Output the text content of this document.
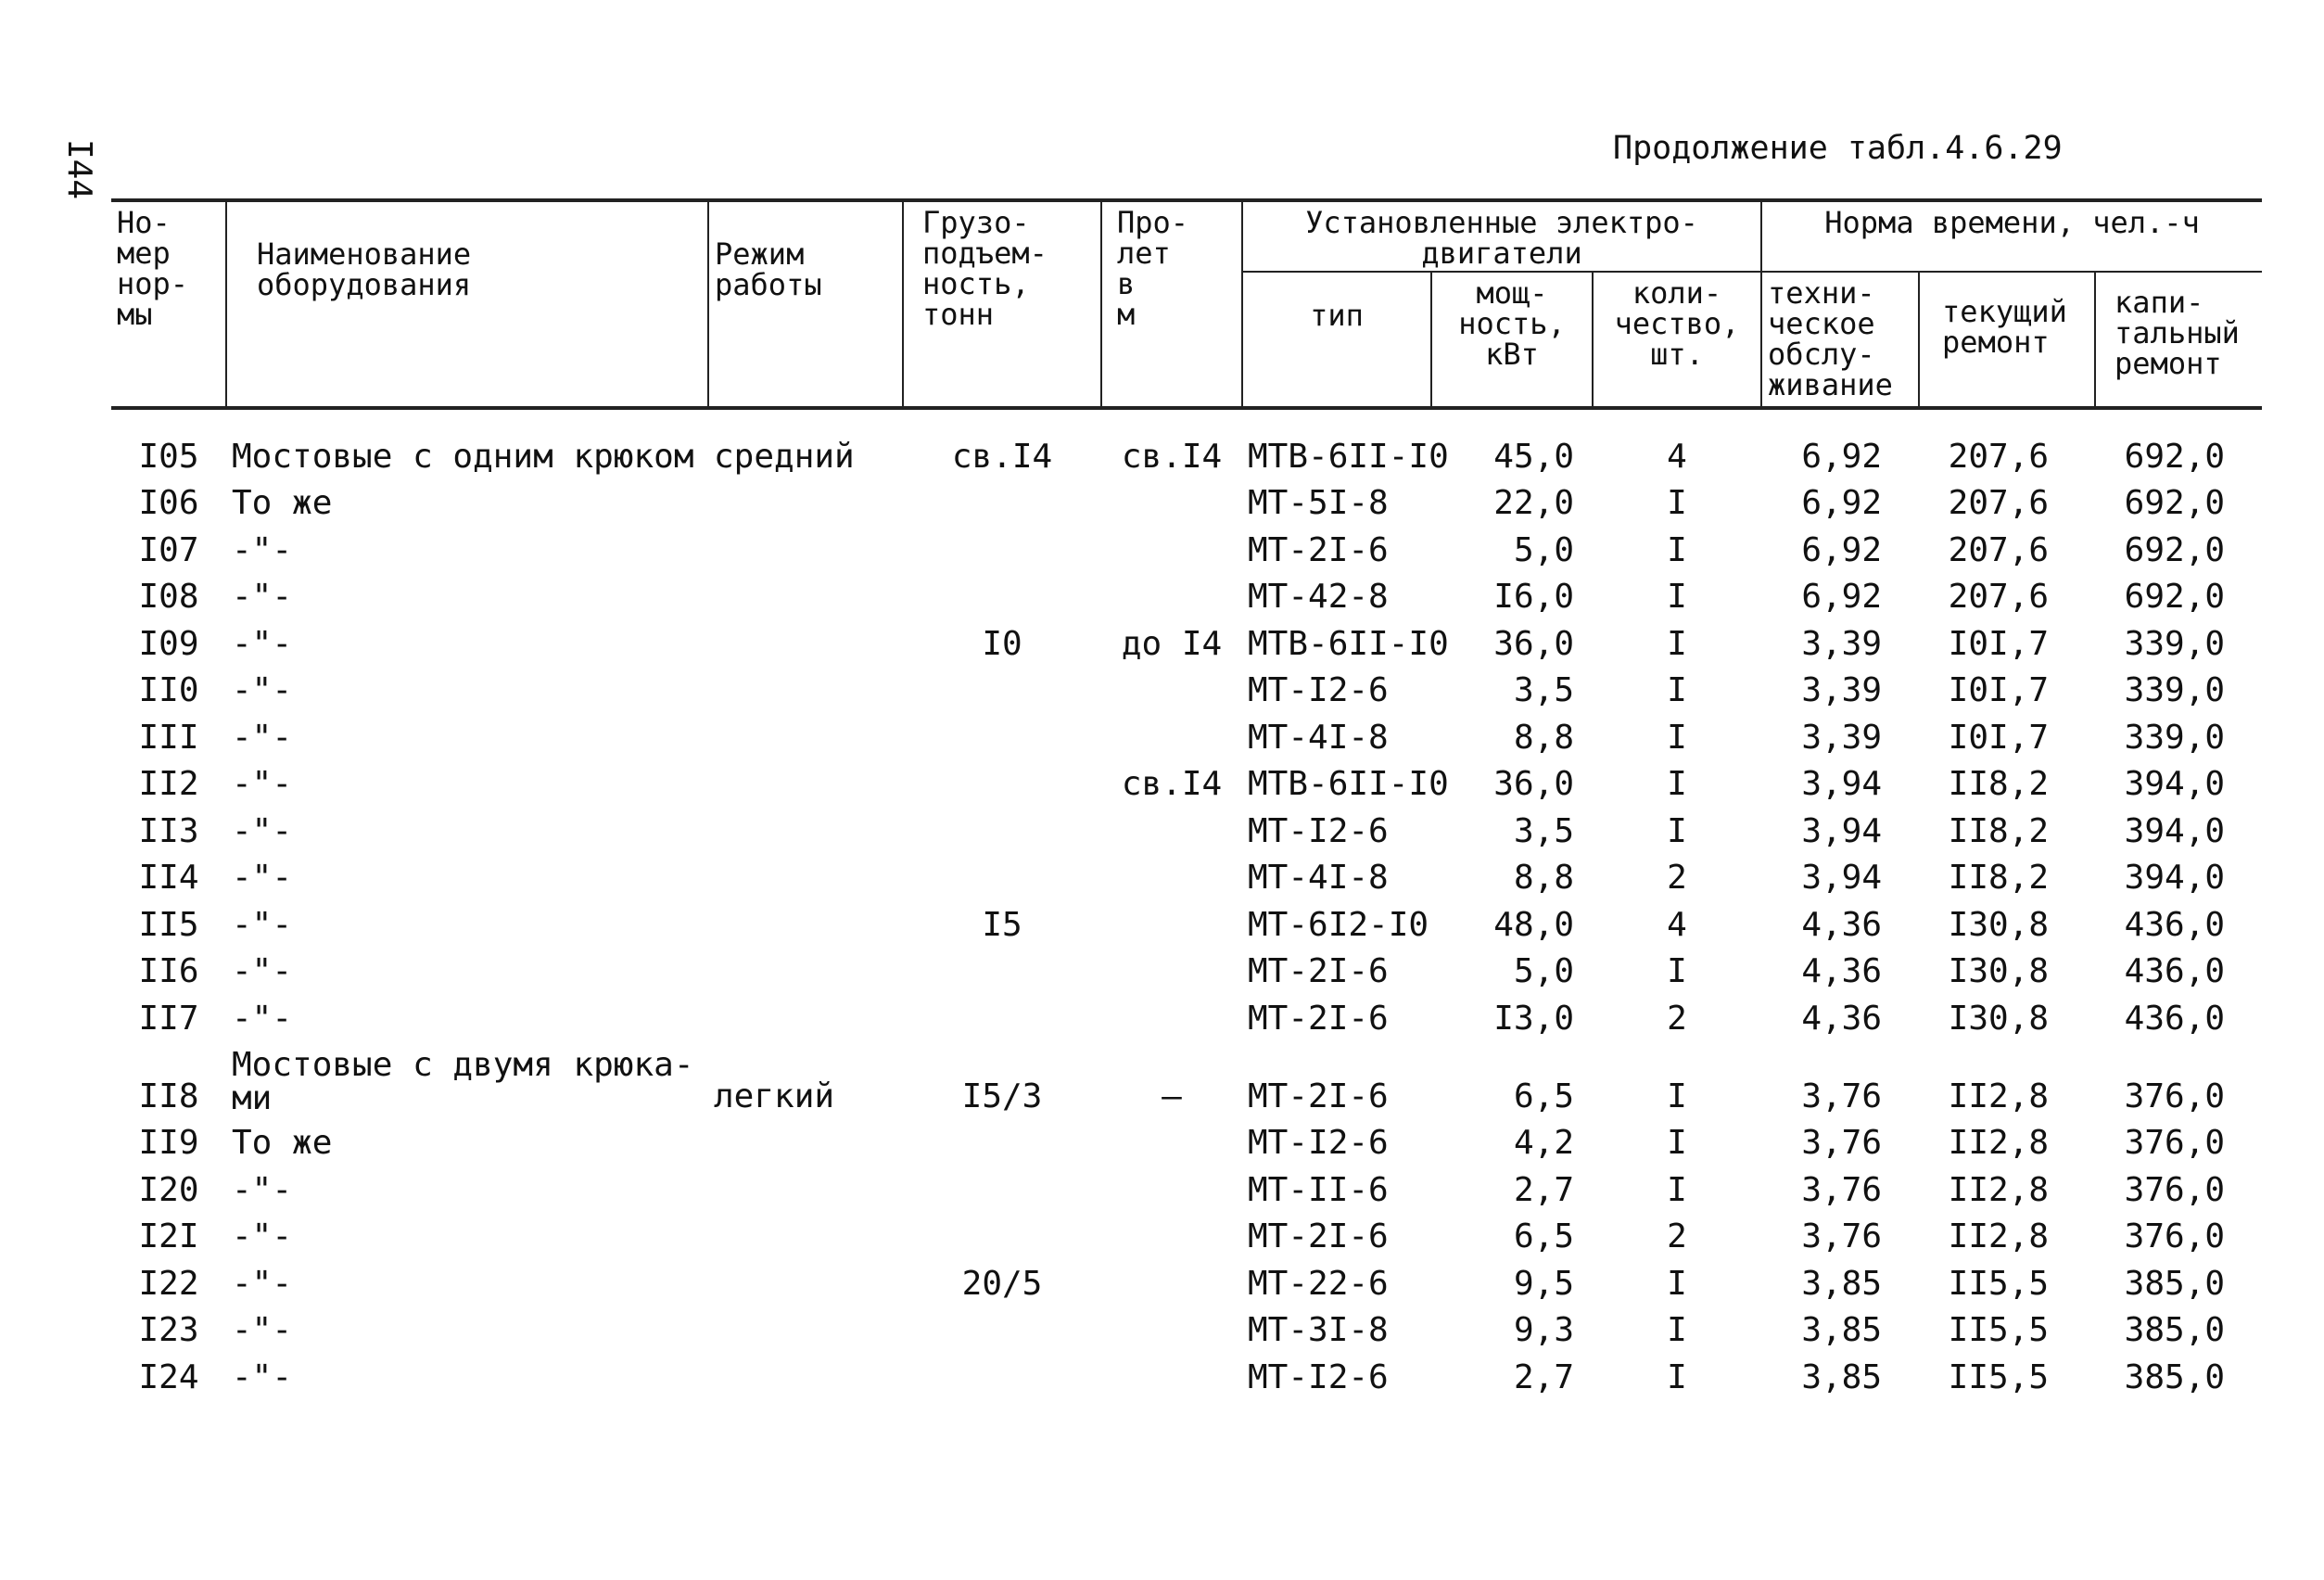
I44	Продолжение табл.4.6.29
Но-
мер
нор-
мы	Наименование
оборудования	Режим
работы	Грузо-
подъем-
ность,
тонн	Про-
лет
в
м	Установленные электро-
двигатели			Норма времени, чел.-ч		
					тип	мощ-
ность,
кВт	коли-
чество,
шт.	техни-
ческое
обслу-
живание	текущий
ремонт	капи-
тальный
ремонт
I05	Мостовые с одним крюком	средний	св.I4	св.I4	МТВ-6II-I0	45,0	4	6,92	207,6	692,0
I06	То же				МТ-5I-8	22,0	I	6,92	207,6	692,0
I07	-"-				МТ-2I-6	5,0	I	6,92	207,6	692,0
I08	-"-				МТ-42-8	I6,0	I	6,92	207,6	692,0
I09	-"-		I0	до I4	МТВ-6II-I0	36,0	I	3,39	I0I,7	339,0
II0	-"-				МТ-I2-6	3,5	I	3,39	I0I,7	339,0
III	-"-				МТ-4I-8	8,8	I	3,39	I0I,7	339,0
II2	-"-			св.I4	МТВ-6II-I0	36,0	I	3,94	II8,2	394,0
II3	-"-				МТ-I2-6	3,5	I	3,94	II8,2	394,0
II4	-"-				МТ-4I-8	8,8	2	3,94	II8,2	394,0
II5	-"-		I5		МТ-6I2-I0	48,0	4	4,36	I30,8	436,0
II6	-"-				МТ-2I-6	5,0	I	4,36	I30,8	436,0
II7	-"-				МТ-2I-6	I3,0	2	4,36	I30,8	436,0
II8	Мостовые с двумя крюка-
ми	легкий	I5/3	–	МТ-2I-6	6,5	I	3,76	II2,8	376,0
II9	То же				МТ-I2-6	4,2	I	3,76	II2,8	376,0
I20	-"-				МТ-II-6	2,7	I	3,76	II2,8	376,0
I2I	-"-				МТ-2I-6	6,5	2	3,76	II2,8	376,0
I22	-"-		20/5		МТ-22-6	9,5	I	3,85	II5,5	385,0
I23	-"-				МТ-3I-8	9,3	I	3,85	II5,5	385,0
I24	-"-				МТ-I2-6	2,7	I	3,85	II5,5	385,0
